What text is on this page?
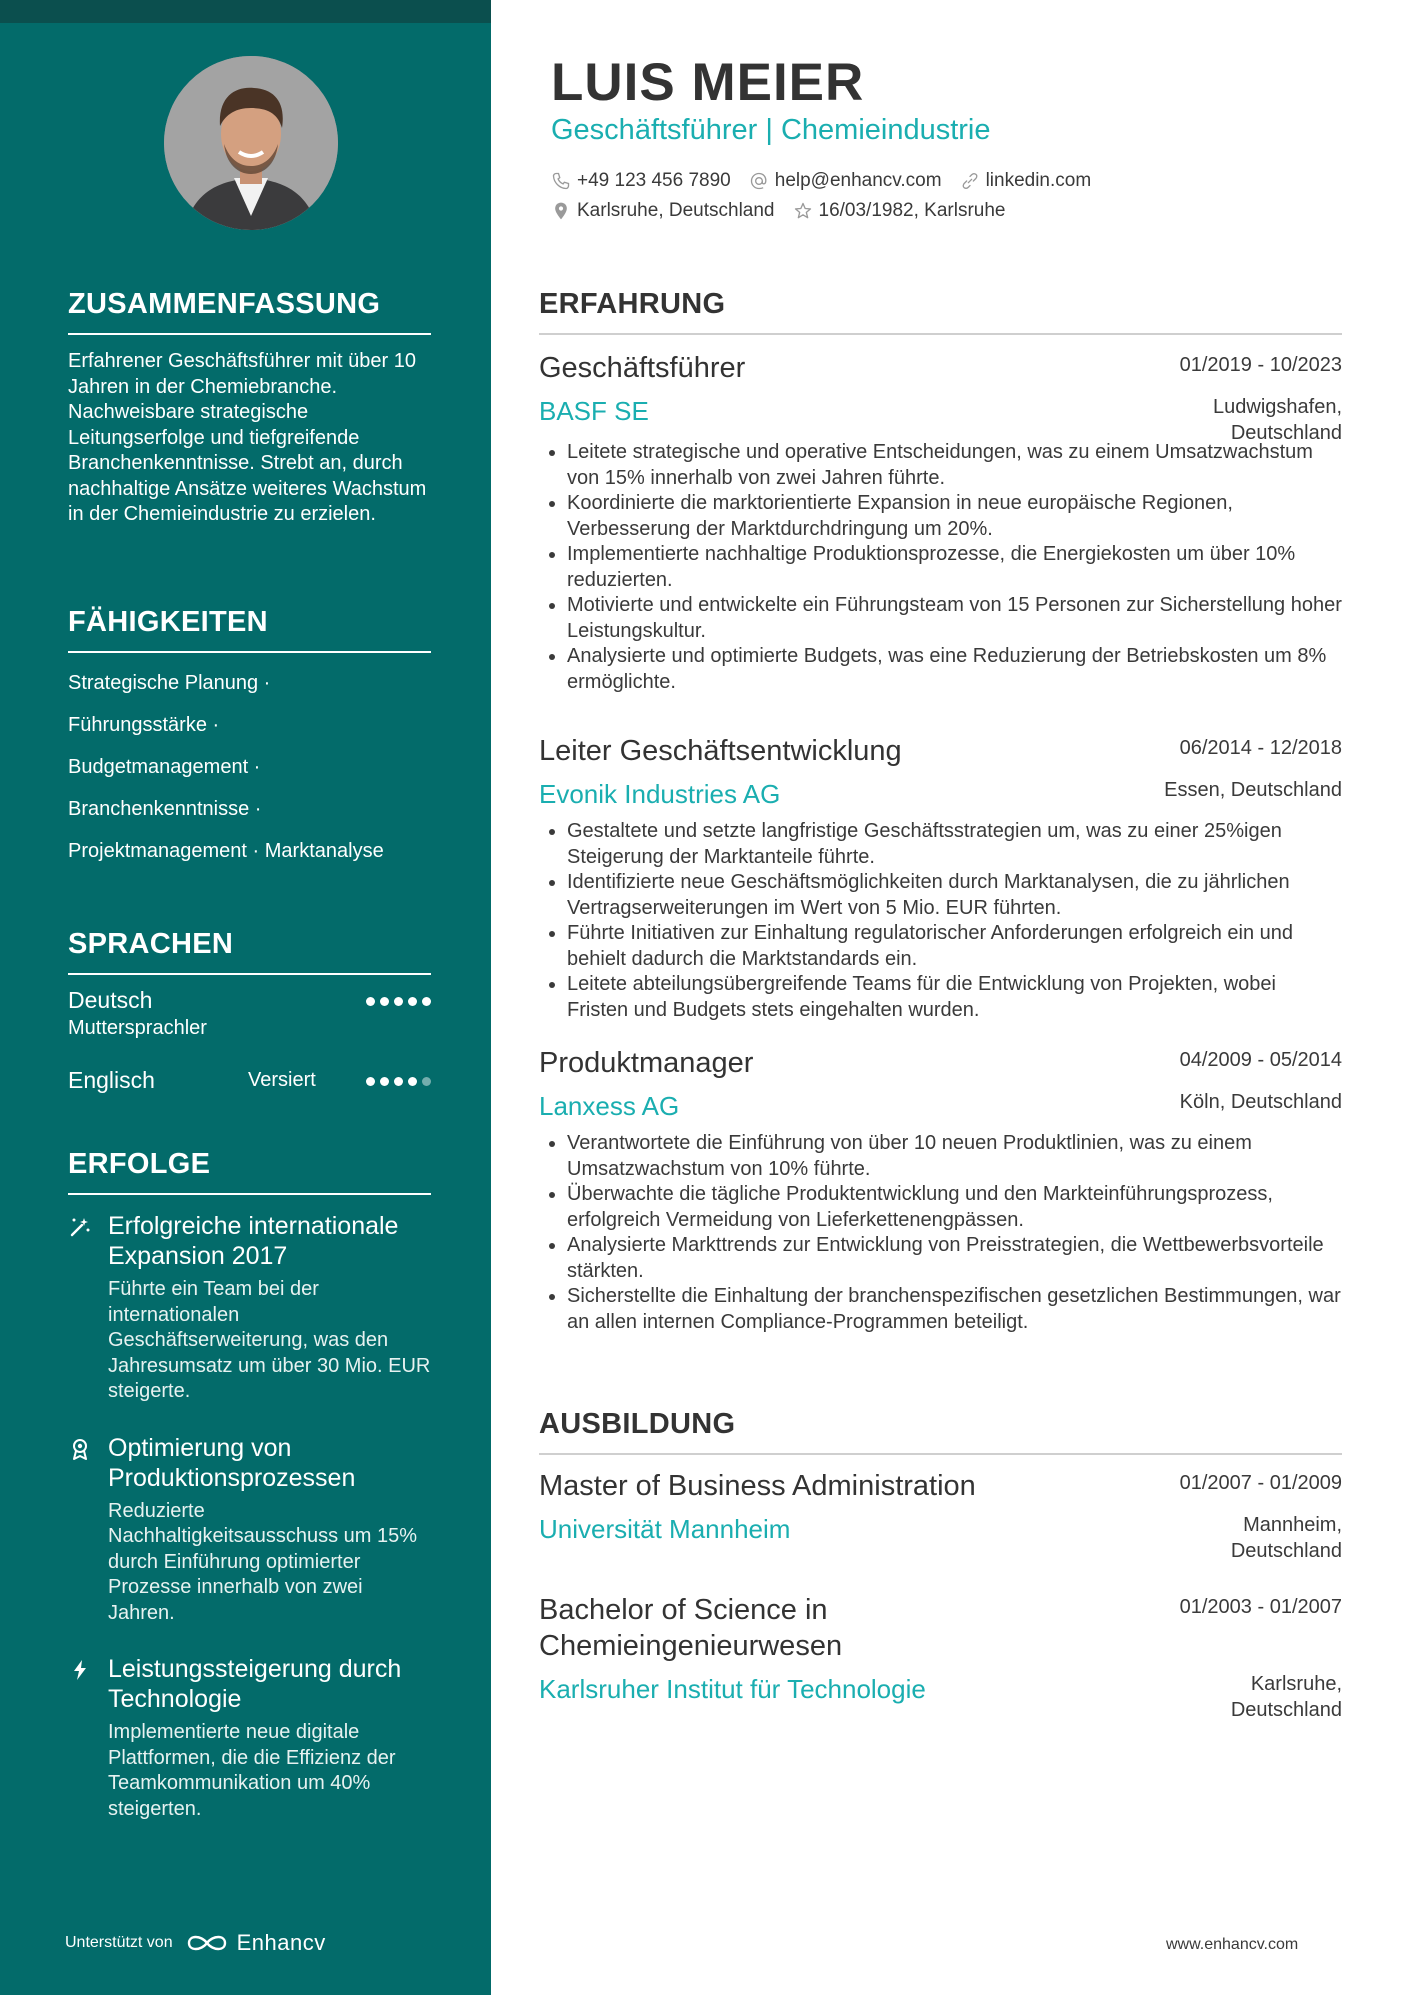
ZUSAMMENFASSUNG
Erfahrener Geschäftsführer mit über 10 Jahren in der Chemiebranche. Nachweisbare strategische Leitungserfolge und tiefgreifende Branchenkenntnisse. Strebt an, durch nachhaltige Ansätze weiteres Wachstum in der Chemieindustrie zu erzielen.
FÄHIGKEITEN
Strategische Planung ·
Führungsstärke ·
Budgetmanagement ·
Branchenkenntnisse ·
Projektmanagement · Marktanalyse
SPRACHEN
Deutsch
Muttersprachler
Englisch	Versiert
ERFOLGE
Erfolgreiche internationale Expansion 2017
Führte ein Team bei der internationalen Geschäftserweiterung, was den Jahresumsatz um über 30 Mio. EUR steigerte.
Optimierung von Produktionsprozessen
Reduzierte Nachhaltigkeitsausschuss um 15% durch Einführung optimierter Prozesse innerhalb von zwei Jahren.
Leistungssteigerung durch Technologie
Implementierte neue digitale Plattformen, die die Effizienz der Teamkommunikation um 40% steigerten.
Unterstützt von	Enhancv
LUIS MEIER
Geschäftsführer | Chemieindustrie
+49 123 456 7890 help@enhancv.com linkedin.com
Karlsruhe, Deutschland 16/03/1982, Karlsruhe
ERFAHRUNG
Geschäftsführer	01/2019 - 10/2023
BASF SE	Ludwigshafen, Deutschland
• Leitete strategische und operative Entscheidungen, was zu einem Umsatzwachstum von 15% innerhalb von zwei Jahren führte.
• Koordinierte die marktorientierte Expansion in neue europäische Regionen, Verbesserung der Marktdurchdringung um 20%.
• Implementierte nachhaltige Produktionsprozesse, die Energiekosten um über 10% reduzierten.
• Motivierte und entwickelte ein Führungsteam von 15 Personen zur Sicherstellung hoher Leistungskultur.
• Analysierte und optimierte Budgets, was eine Reduzierung der Betriebskosten um 8% ermöglichte.
Leiter Geschäftsentwicklung	06/2014 - 12/2018
Evonik Industries AG	Essen, Deutschland
• Gestaltete und setzte langfristige Geschäftsstrategien um, was zu einer 25%igen Steigerung der Marktanteile führte.
• Identifizierte neue Geschäftsmöglichkeiten durch Marktanalysen, die zu jährlichen Vertragserweiterungen im Wert von 5 Mio. EUR führten.
• Führte Initiativen zur Einhaltung regulatorischer Anforderungen erfolgreich ein und behielt dadurch die Marktstandards ein.
• Leitete abteilungsübergreifende Teams für die Entwicklung von Projekten, wobei Fristen und Budgets stets eingehalten wurden.
Produktmanager	04/2009 - 05/2014
Lanxess AG	Köln, Deutschland
• Verantwortete die Einführung von über 10 neuen Produktlinien, was zu einem Umsatzwachstum von 10% führte.
• Überwachte die tägliche Produktentwicklung und den Markteinführungsprozess, erfolgreich Vermeidung von Lieferkettenengpässen.
• Analysierte Markttrends zur Entwicklung von Preisstrategien, die Wettbewerbsvorteile stärkten.
• Sicherstellte die Einhaltung der branchenspezifischen gesetzlichen Bestimmungen, war an allen internen Compliance-Programmen beteiligt.
AUSBILDUNG
Master of Business Administration	01/2007 - 01/2009
Universität Mannheim	Mannheim, Deutschland
Bachelor of Science in Chemieingenieurwesen
01/2003 - 01/2007
Karlsruher Institut für Technologie	Karlsruhe, Deutschland
www.enhancv.com
